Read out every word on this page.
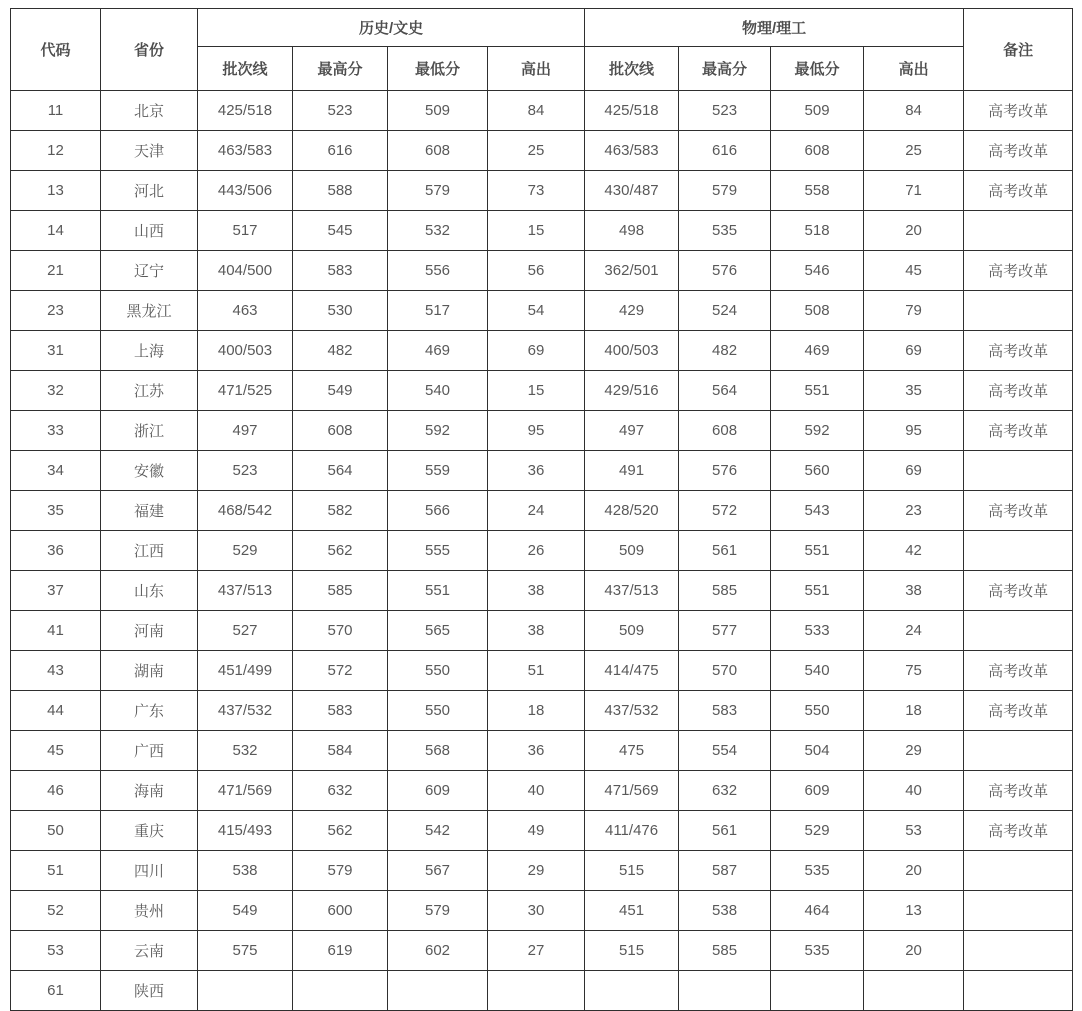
代码	省份	历史/文史				物理/理工				备注
		批次线	最高分	最低分	高出	批次线	最高分	最低分	高出	
11	北京	425/518	523	509	84	425/518	523	509	84	高考改革
12	天津	463/583	616	608	25	463/583	616	608	25	高考改革
13	河北	443/506	588	579	73	430/487	579	558	71	高考改革
14	山西	517	545	532	15	498	535	518	20	
21	辽宁	404/500	583	556	56	362/501	576	546	45	高考改革
23	黑龙江	463	530	517	54	429	524	508	79	
31	上海	400/503	482	469	69	400/503	482	469	69	高考改革
32	江苏	471/525	549	540	15	429/516	564	551	35	高考改革
33	浙江	497	608	592	95	497	608	592	95	高考改革
34	安徽	523	564	559	36	491	576	560	69	
35	福建	468/542	582	566	24	428/520	572	543	23	高考改革
36	江西	529	562	555	26	509	561	551	42	
37	山东	437/513	585	551	38	437/513	585	551	38	高考改革
41	河南	527	570	565	38	509	577	533	24	
43	湖南	451/499	572	550	51	414/475	570	540	75	高考改革
44	广东	437/532	583	550	18	437/532	583	550	18	高考改革
45	广西	532	584	568	36	475	554	504	29	
46	海南	471/569	632	609	40	471/569	632	609	40	高考改革
50	重庆	415/493	562	542	49	411/476	561	529	53	高考改革
51	四川	538	579	567	29	515	587	535	20	
52	贵州	549	600	579	30	451	538	464	13	
53	云南	575	619	602	27	515	585	535	20	
61	陕西									
